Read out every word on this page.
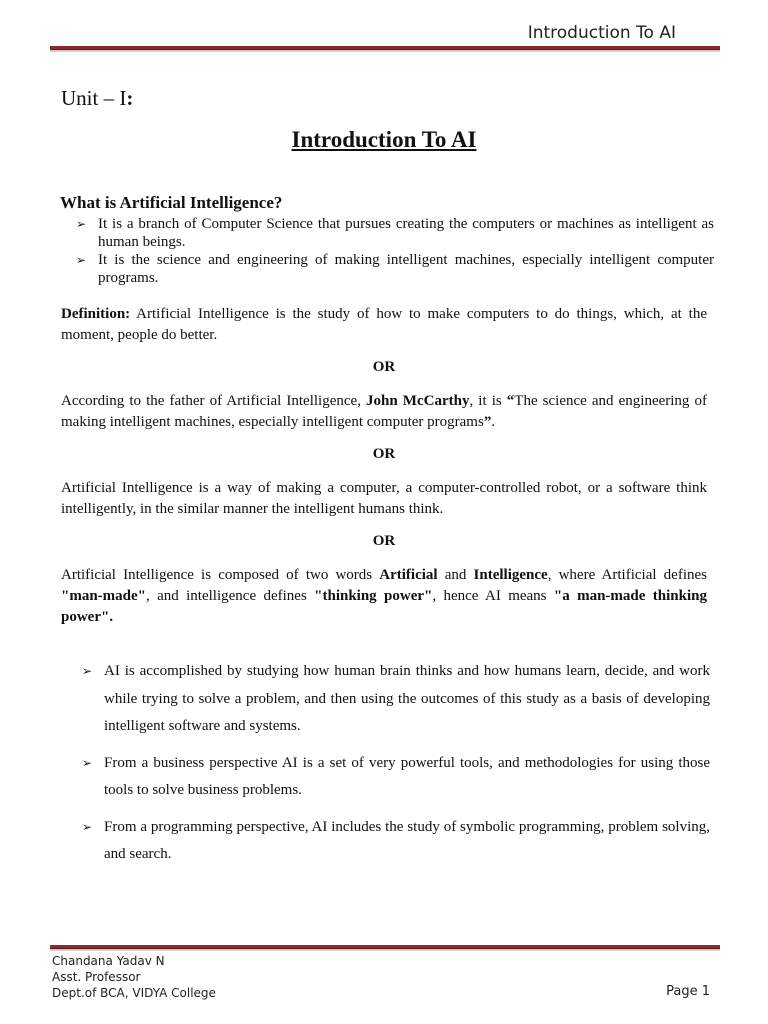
Introduction To AI
Unit – I:
Introduction To AI
What is Artificial Intelligence?
➢ It is a branch of Computer Science that pursues creating the computers or machines as intelligent as human beings.
➢ It is the science and engineering of making intelligent machines, especially intelligent computer programs.
Definition: Artificial Intelligence is the study of how to make computers to do things, which, at the moment, people do better.
OR
According to the father of Artificial Intelligence, John McCarthy, it is “The science and engineering of making intelligent machines, especially intelligent computer programs”.
OR
Artificial Intelligence is a way of making a computer, a computer-controlled robot, or a software think intelligently, in the similar manner the intelligent humans think.
OR
Artificial Intelligence is composed of two words Artificial and Intelligence, where Artificial defines "man-made", and intelligence defines "thinking power", hence AI means "a man-made thinking power".
➢ AI is accomplished by studying how human brain thinks and how humans learn, decide, and work while trying to solve a problem, and then using the outcomes of this study as a basis of developing intelligent software and systems.
➢ From a business perspective AI is a set of very powerful tools, and methodologies for using those tools to solve business problems.
➢ From a programming perspective, AI includes the study of symbolic programming, problem solving, and search.
Chandana Yadav N
Asst. Professor
Dept.of BCA, VIDYA College	Page 1
